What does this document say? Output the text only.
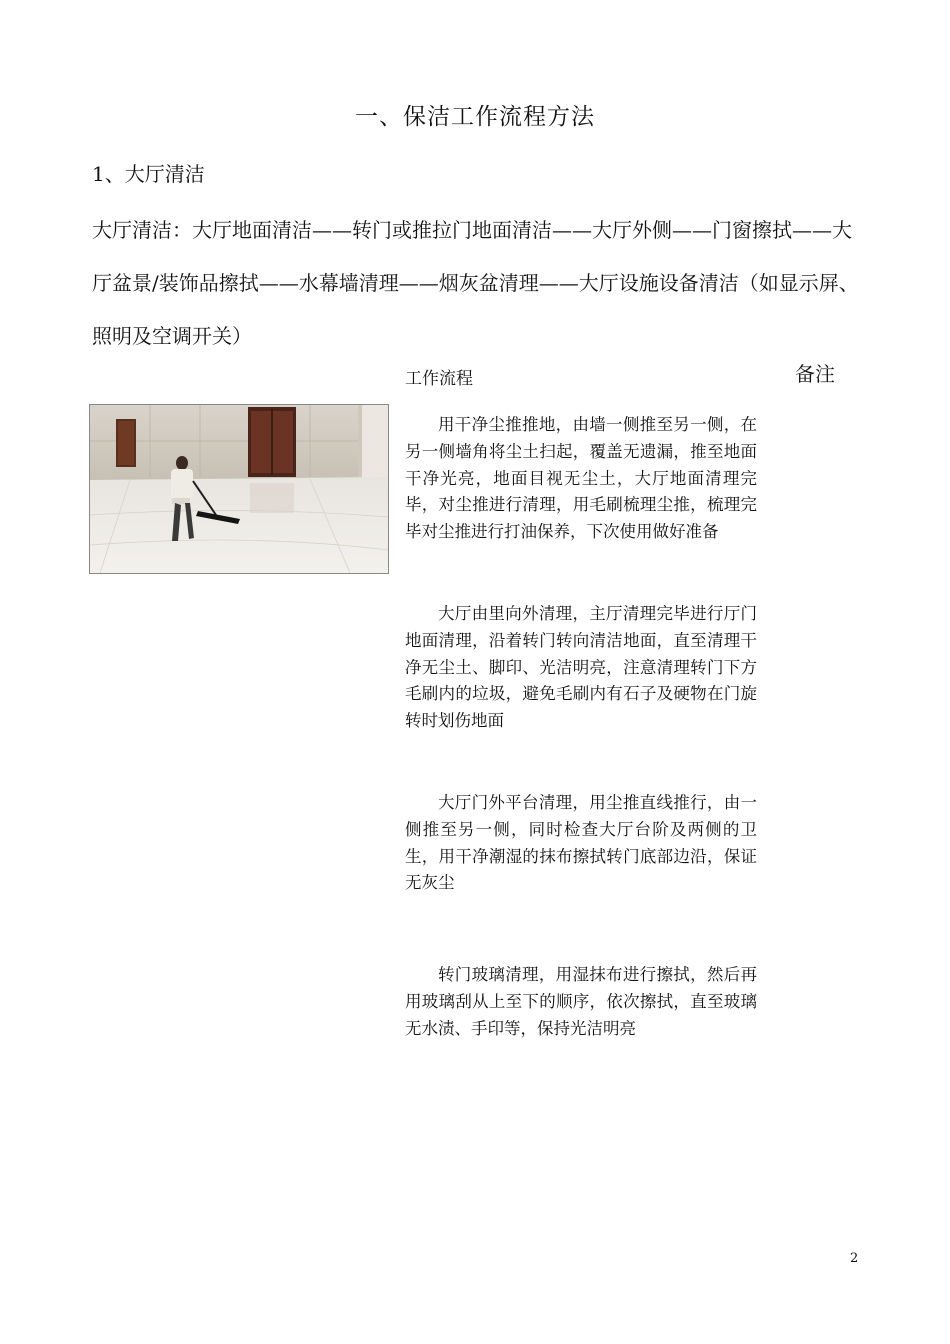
一、保洁工作流程方法
1、大厅清洁
大厅清洁：大厅地面清洁——转门或推拉门地面清洁——大厅外侧——门窗擦拭——大厅盆景/装饰品擦拭——水幕墙清理——烟灰盆清理——大厅设施设备清洁（如显示屏、照明及空调开关）
工作流程	备注
用干净尘推推地，由墙一侧推至另一侧，在另一侧墙角将尘土扫起，覆盖无遗漏，推至地面干净光亮，地面目视无尘土，大厅地面清理完毕，对尘推进行清理，用毛刷梳理尘推，梳理完毕对尘推进行打油保养，下次使用做好准备
大厅由里向外清理，主厅清理完毕进行厅门地面清理，沿着转门转向清洁地面，直至清理干净无尘土、脚印、光洁明亮，注意清理转门下方毛刷内的垃圾，避免毛刷内有石子及硬物在门旋转时划伤地面
大厅门外平台清理，用尘推直线推行，由一侧推至另一侧，同时检查大厅台阶及两侧的卫生，用干净潮湿的抹布擦拭转门底部边沿，保证无灰尘
转门玻璃清理，用湿抹布进行擦拭，然后再用玻璃刮从上至下的顺序，依次擦拭，直至玻璃无水渍、手印等，保持光洁明亮
2
